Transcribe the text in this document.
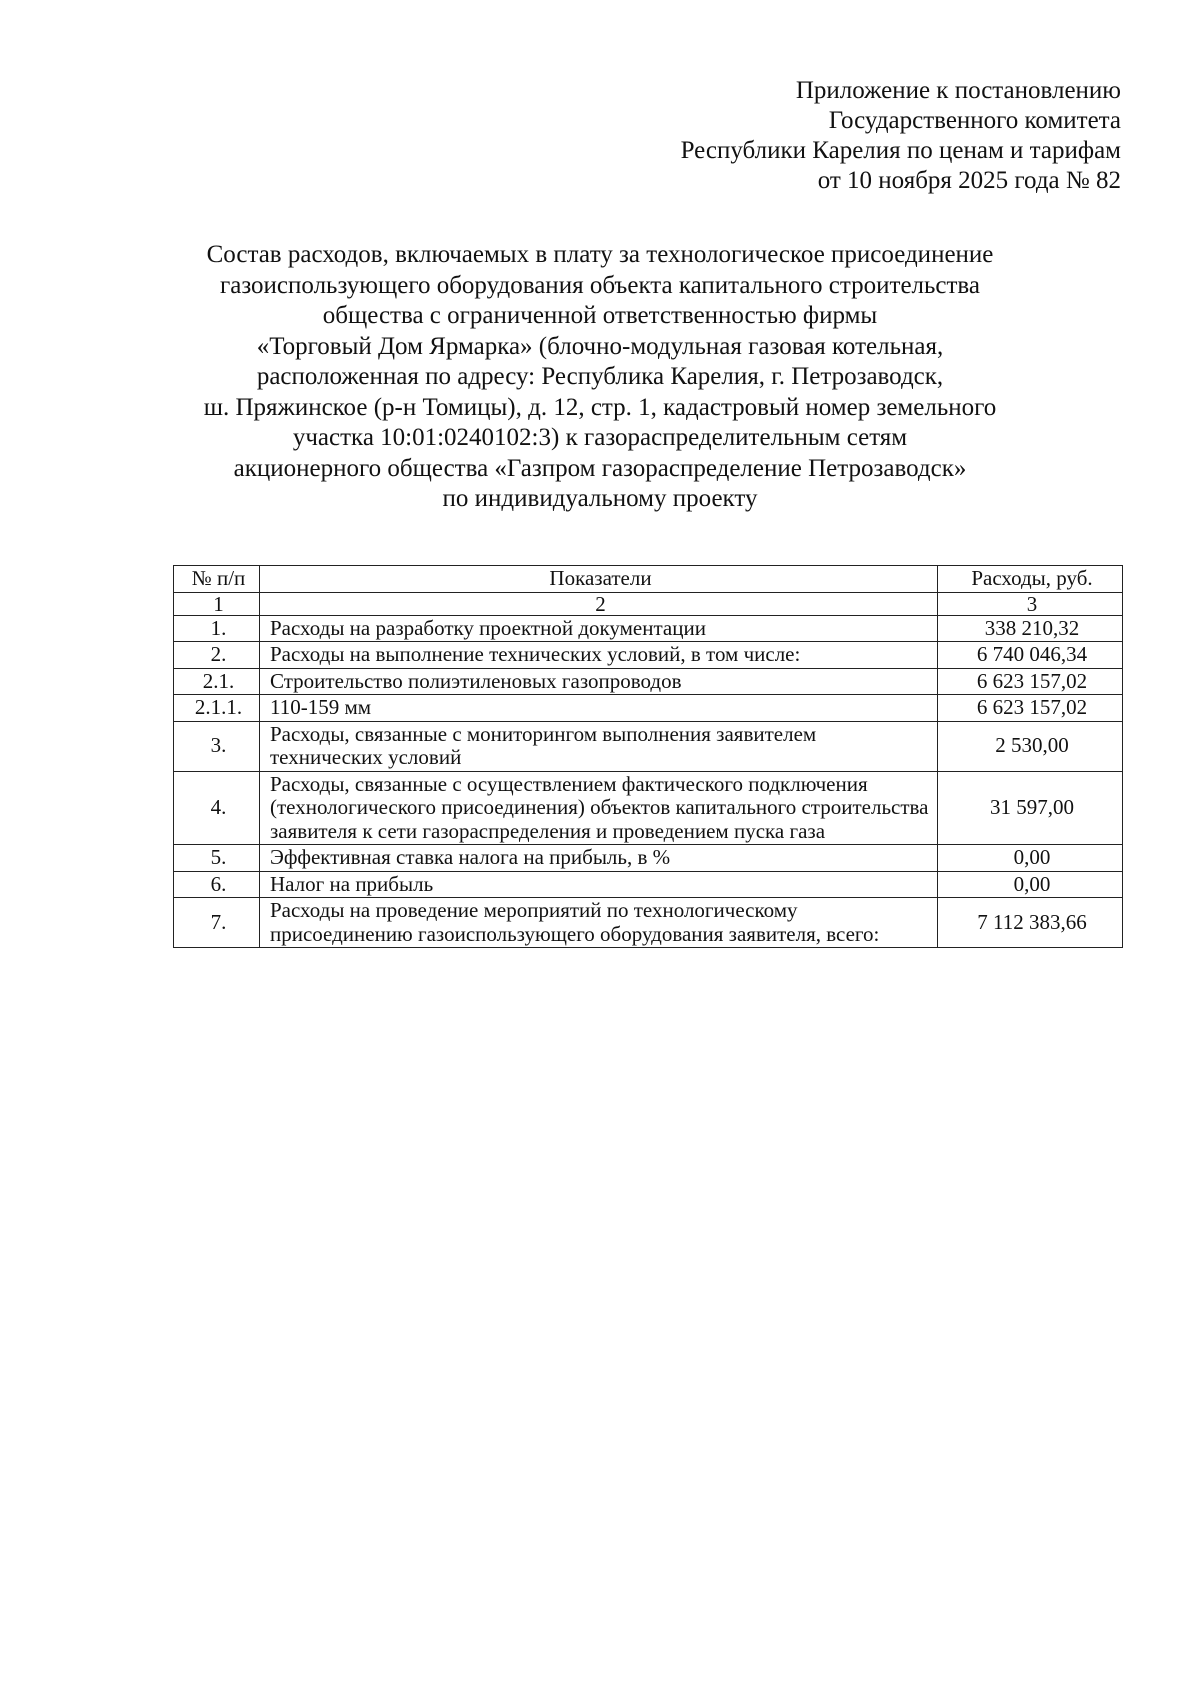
Приложение к постановлению
Государственного комитета
Республики Карелия по ценам и тарифам
от 10 ноября 2025 года № 82
Состав расходов, включаемых в плату за технологическое присоединение
газоиспользующего оборудования объекта капитального строительства
общества с ограниченной ответственностью фирмы
«Торговый Дом Ярмарка» (блочно-модульная газовая котельная,
расположенная по адресу: Республика Карелия, г. Петрозаводск,
ш. Пряжинское (р-н Томицы), д. 12, стр. 1, кадастровый номер земельного
участка 10:01:0240102:3) к газораспределительным сетям
акционерного общества «Газпром газораспределение Петрозаводск»
по индивидуальному проекту
№ п/п	Показатели	Расходы, руб.
1	2	3
1.	Расходы на разработку проектной документации	338 210,32
2.	Расходы на выполнение технических условий, в том числе:	6 740 046,34
2.1.	Строительство полиэтиленовых газопроводов	6 623 157,02
2.1.1.	110-159 мм	6 623 157,02
3.	Расходы, связанные с мониторингом выполнения заявителем технических условий	2 530,00
4.	Расходы, связанные с осуществлением фактического подключения (технологического присоединения) объектов капитального строительства заявителя к сети газораспределения и проведением пуска газа	31 597,00
5.	Эффективная ставка налога на прибыль, в %	0,00
6.	Налог на прибыль	0,00
7.	Расходы на проведение мероприятий по технологическому присоединению газоиспользующего оборудования заявителя, всего:	7 112 383,66
